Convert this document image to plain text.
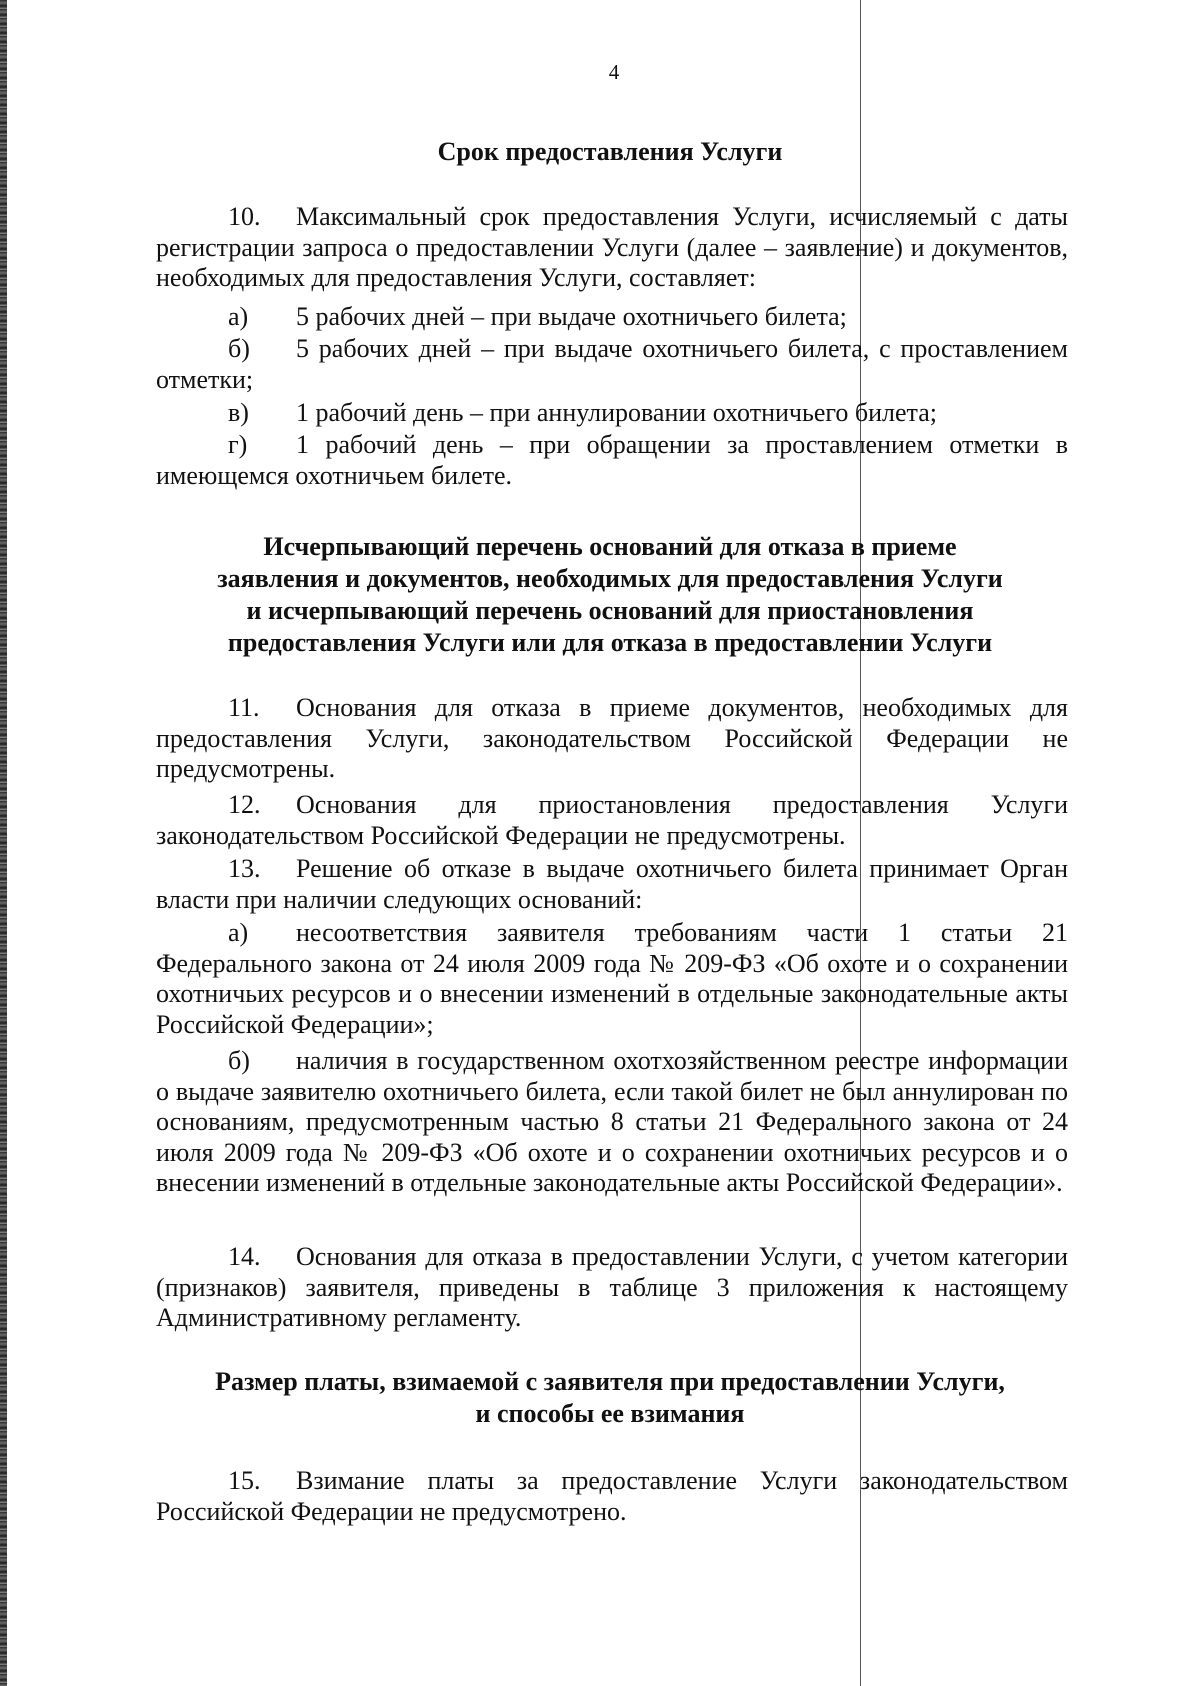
4
Срок предоставления Услуги
10. Максимальный срок предоставления Услуги, исчисляемый с даты регистрации запроса о предоставлении Услуги (далее – заявление) и документов, необходимых для предоставления Услуги, составляет:
а) 5 рабочих дней – при выдаче охотничьего билета;
б) 5 рабочих дней – при выдаче охотничьего билета, с проставлением отметки;
в) 1 рабочий день – при аннулировании охотничьего билета;
г) 1 рабочий день – при обращении за проставлением отметки в имеющемся охотничьем билете.
Исчерпывающий перечень оснований для отказа в приеме
заявления и документов, необходимых для предоставления Услуги
и исчерпывающий перечень оснований для приостановления
предоставления Услуги или для отказа в предоставлении Услуги
11. Основания для отказа в приеме документов, необходимых для предоставления Услуги, законодательством Российской Федерации не предусмотрены.
12. Основания для приостановления предоставления Услуги законодательством Российской Федерации не предусмотрены.
13. Решение об отказе в выдаче охотничьего билета принимает Орган власти при наличии следующих оснований:
а) несоответствия заявителя требованиям части 1 статьи 21 Федерального закона от 24 июля 2009 года № 209-ФЗ «Об охоте и о сохранении охотничьих ресурсов и о внесении изменений в отдельные законодательные акты Российской Федерации»;
б) наличия в государственном охотхозяйственном реестре информации о выдаче заявителю охотничьего билета, если такой билет не был аннулирован по основаниям, предусмотренным частью 8 статьи 21 Федерального закона от 24 июля 2009 года № 209-ФЗ «Об охоте и о сохранении охотничьих ресурсов и о внесении изменений в отдельные законодательные акты Российской Федерации».
14. Основания для отказа в предоставлении Услуги, с учетом категории (признаков) заявителя, приведены в таблице 3 приложения к настоящему Административному регламенту.
Размер платы, взимаемой с заявителя при предоставлении Услуги,
и способы ее взимания
15. Взимание платы за предоставление Услуги законодательством Российской Федерации не предусмотрено.
